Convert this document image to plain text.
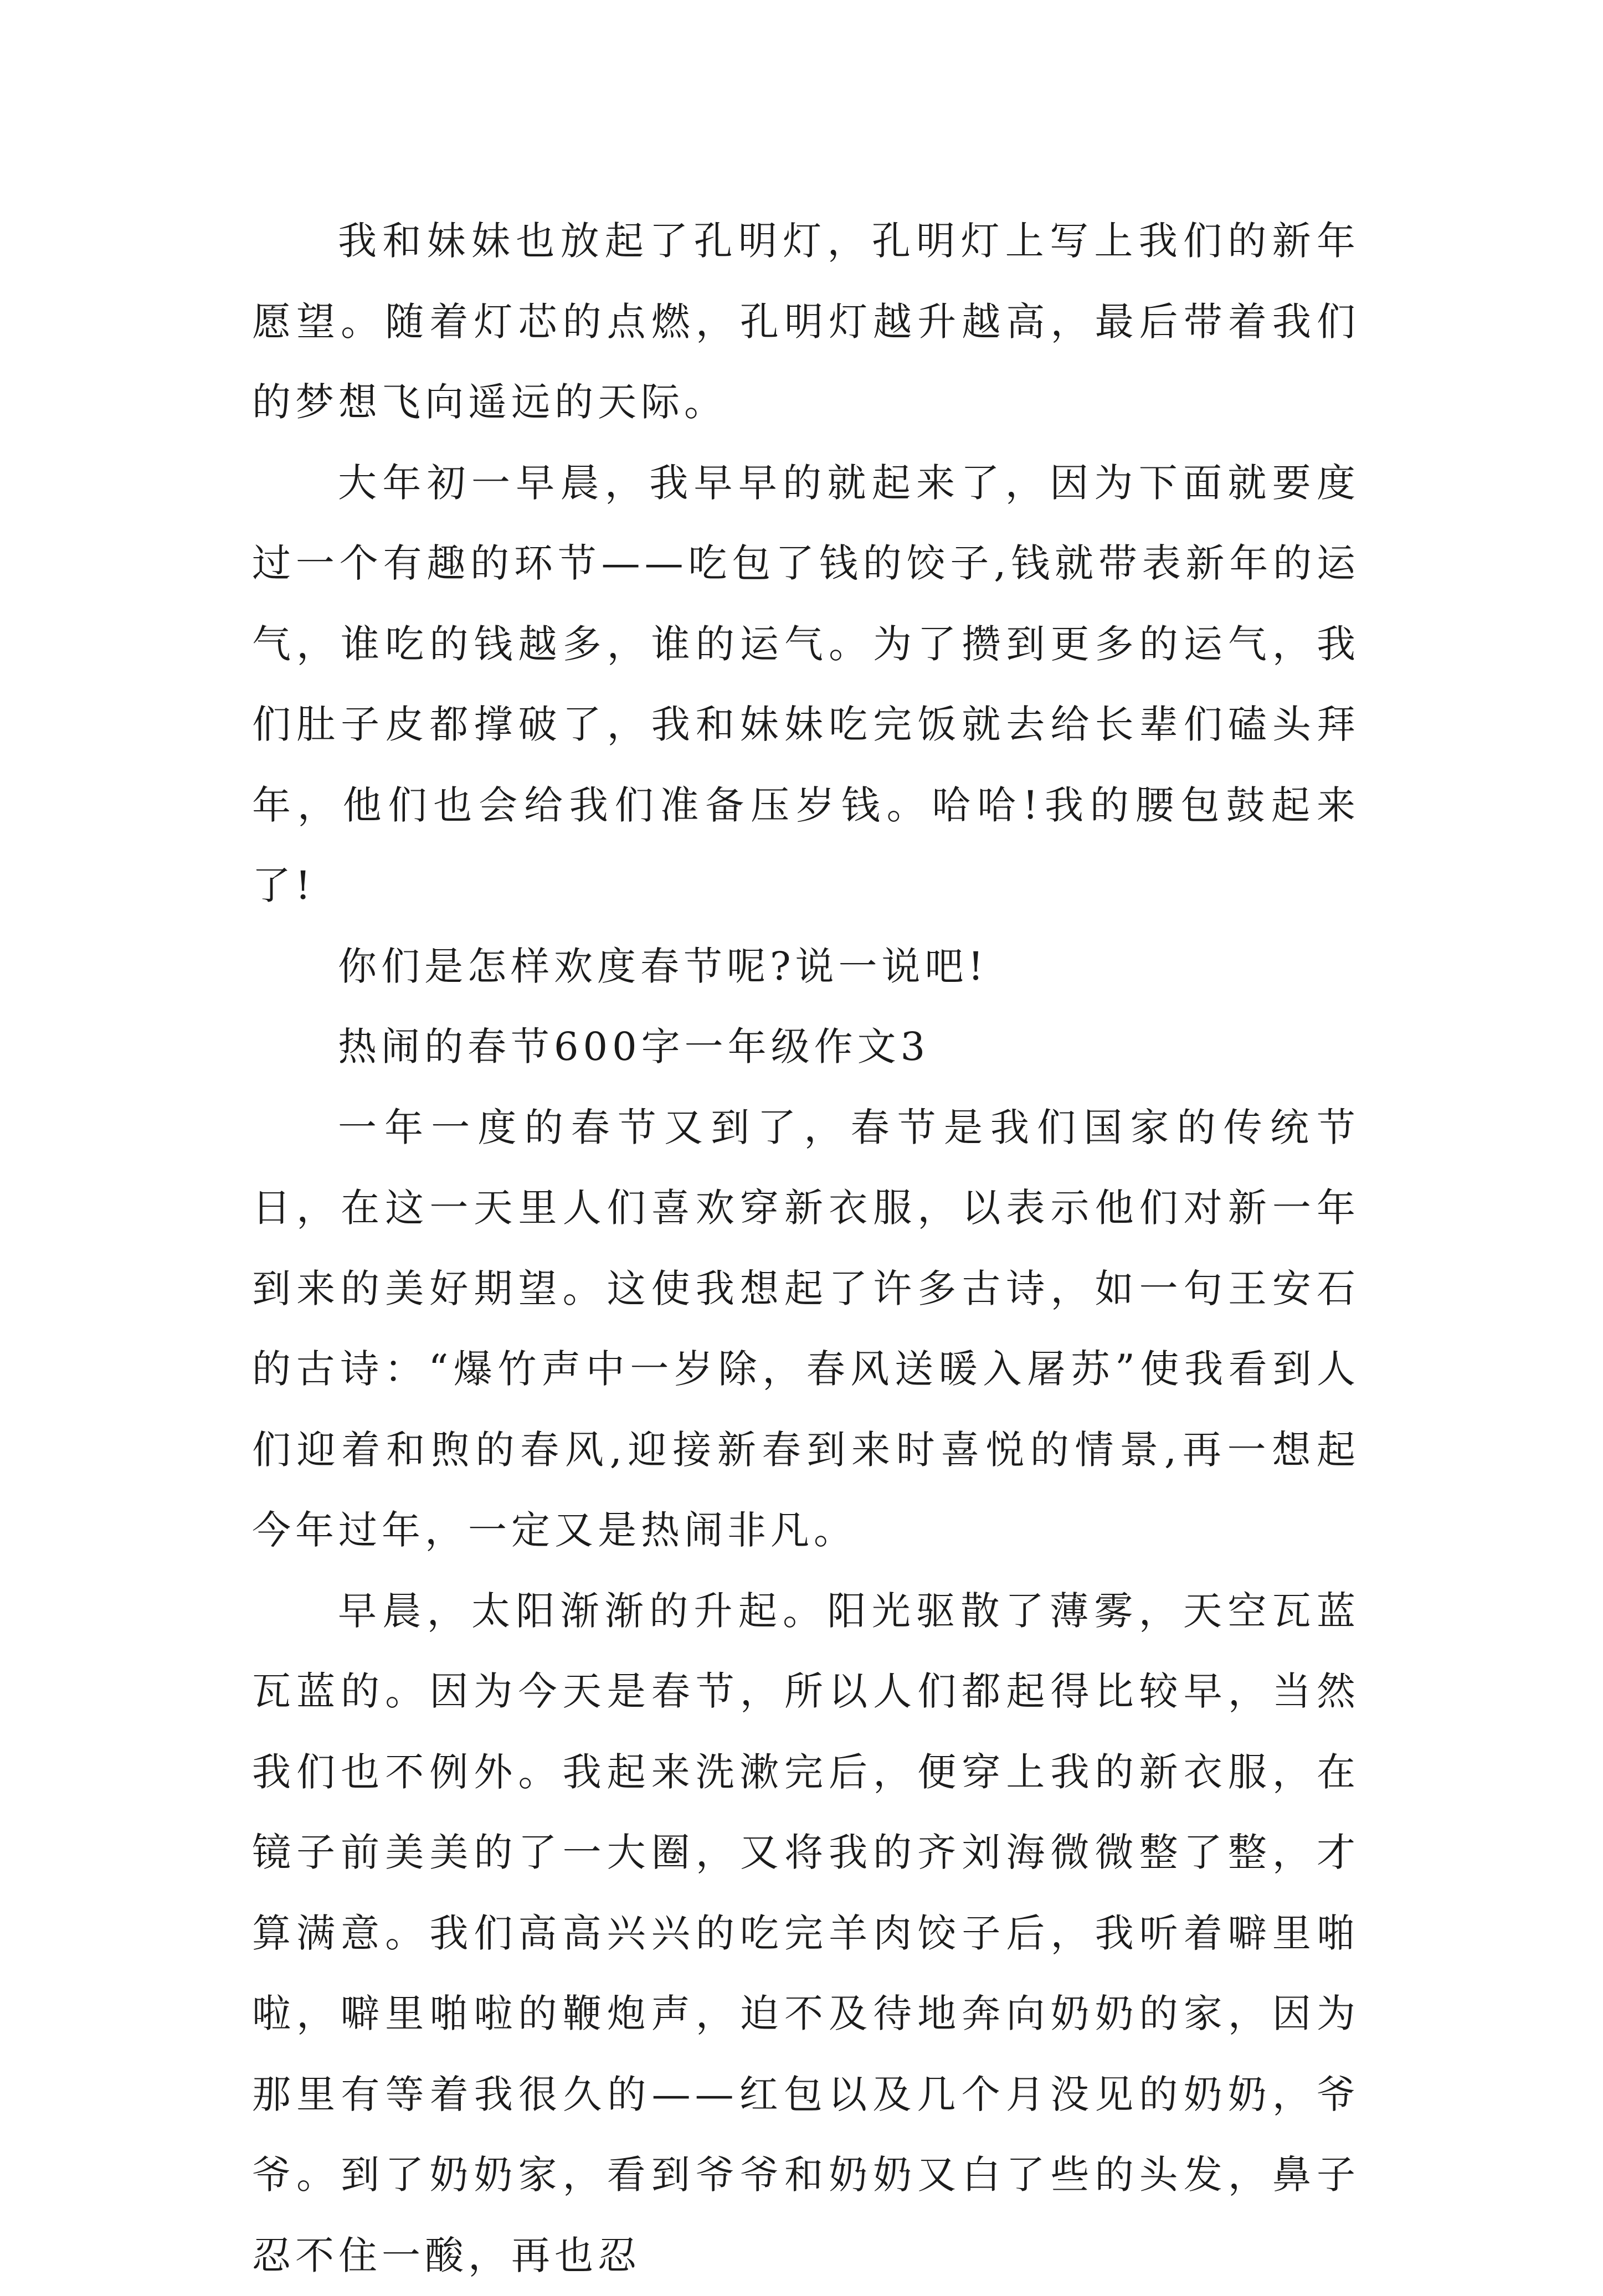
我和妹妹也放起了孔明灯，孔明灯上写上我们的新年愿望。随着灯芯的点燃，孔明灯越升越高，最后带着我们的梦想飞向遥远的天际。

大年初一早晨，我早早的就起来了，因为下面就要度过一个有趣的环节——吃包了钱的饺子,钱就带表新年的运气，谁吃的钱越多，谁的运气。为了攒到更多的运气，我们肚子皮都撑破了，我和妹妹吃完饭就去给长辈们磕头拜年，他们也会给我们准备压岁钱。哈哈!我的腰包鼓起来了!

你们是怎样欢度春节呢?说一说吧!

热闹的春节600字一年级作文3

一年一度的春节又到了，春节是我们国家的传统节日，在这一天里人们喜欢穿新衣服，以表示他们对新一年到来的美好期望。这使我想起了许多古诗，如一句王安石的古诗：“爆竹声中一岁除，春风送暖入屠苏”使我看到人们迎着和煦的春风,迎接新春到来时喜悦的情景,再一想起今年过年，一定又是热闹非凡。

早晨，太阳渐渐的升起。阳光驱散了薄雾，天空瓦蓝瓦蓝的。因为今天是春节，所以人们都起得比较早，当然我们也不例外。我起来洗漱完后，便穿上我的新衣服，在镜子前美美的了一大圈，又将我的齐刘海微微整了整，才算满意。我们高高兴兴的吃完羊肉饺子后，我听着噼里啪啦，噼里啪啦的鞭炮声，迫不及待地奔向奶奶的家，因为那里有等着我很久的——红包以及几个月没见的奶奶，爷爷。到了奶奶家，看到爷爷和奶奶又白了些的头发，鼻子忍不住一酸，再也忍
